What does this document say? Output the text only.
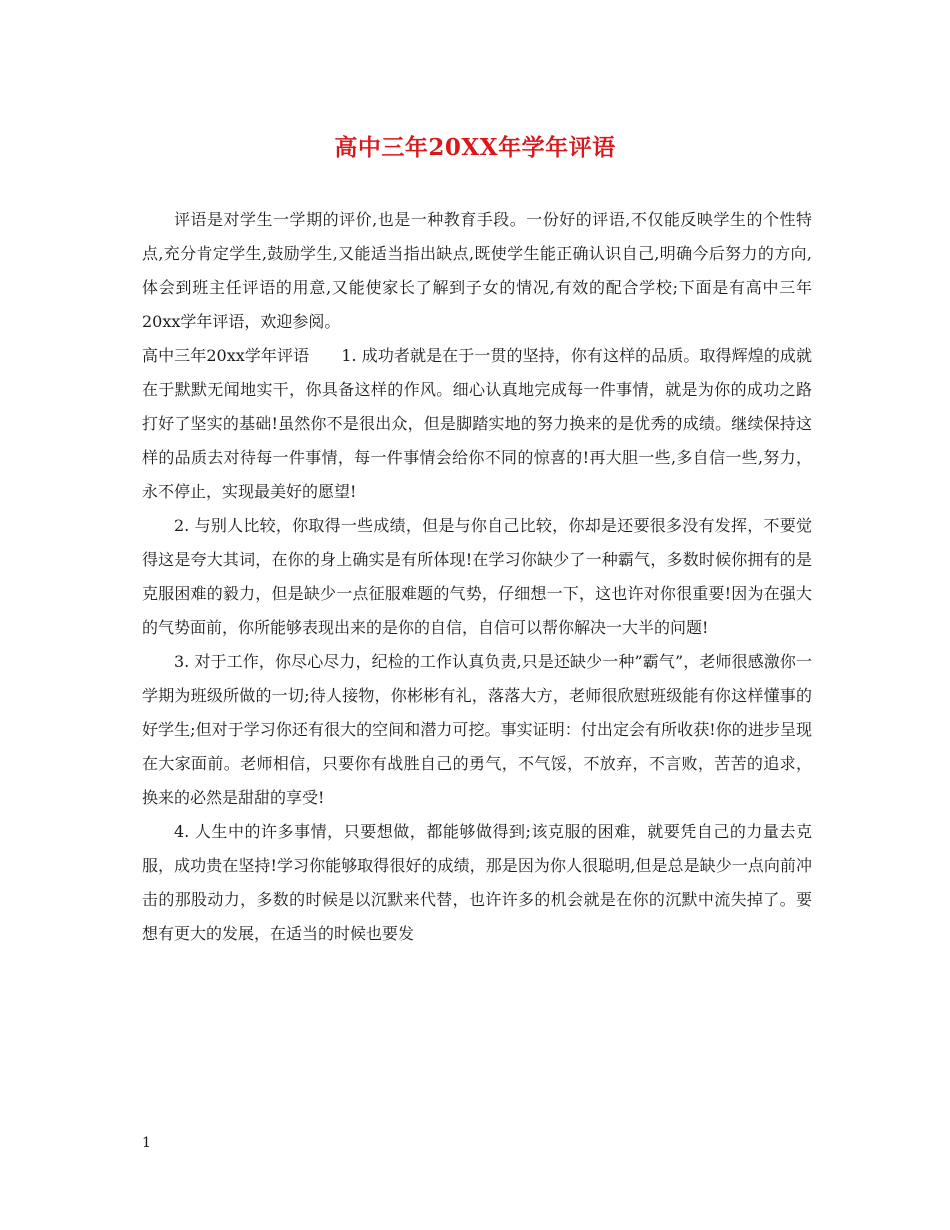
高中三年20XX年学年评语

评语是对学生一学期的评价,也是一种教育手段。一份好的评语,不仅能反映学生的个性特点,充分肯定学生,鼓励学生,又能适当指出缺点,既使学生能正确认识自己,明确今后努力的方向,体会到班主任评语的用意,又能使家长了解到子女的情况,有效的配合学校;下面是有高中三年20xx学年评语，欢迎参阅。

高中三年20xx学年评语　　1. 成功者就是在于一贯的坚持，你有这样的品质。取得辉煌的成就在于默默无闻地实干，你具备这样的作风。细心认真地完成每一件事情，就是为你的成功之路打好了坚实的基础!虽然你不是很出众，但是脚踏实地的努力换来的是优秀的成绩。继续保持这样的品质去对待每一件事情，每一件事情会给你不同的惊喜的!再大胆一些,多自信一些,努力，永不停止，实现最美好的愿望!

2. 与别人比较，你取得一些成绩，但是与你自己比较，你却是还要很多没有发挥，不要觉得这是夸大其词，在你的身上确实是有所体现!在学习你缺少了一种霸气，多数时候你拥有的是克服困难的毅力，但是缺少一点征服难题的气势，仔细想一下，这也许对你很重要!因为在强大的气势面前，你所能够表现出来的是你的自信，自信可以帮你解决一大半的问题!

3. 对于工作，你尽心尽力，纪检的工作认真负责,只是还缺少一种”霸气”，老师很感激你一学期为班级所做的一切;待人接物，你彬彬有礼，落落大方，老师很欣慰班级能有你这样懂事的好学生;但对于学习你还有很大的空间和潜力可挖。事实证明：付出定会有所收获!你的进步呈现在大家面前。老师相信，只要你有战胜自己的勇气，不气馁，不放弃，不言败，苦苦的追求，换来的必然是甜甜的享受!

4. 人生中的许多事情，只要想做，都能够做得到;该克服的困难，就要凭自己的力量去克服，成功贵在坚持!学习你能够取得很好的成绩，那是因为你人很聪明,但是总是缺少一点向前冲击的那股动力，多数的时候是以沉默来代替，也许许多的机会就是在你的沉默中流失掉了。要想有更大的发展，在适当的时候也要发

1
